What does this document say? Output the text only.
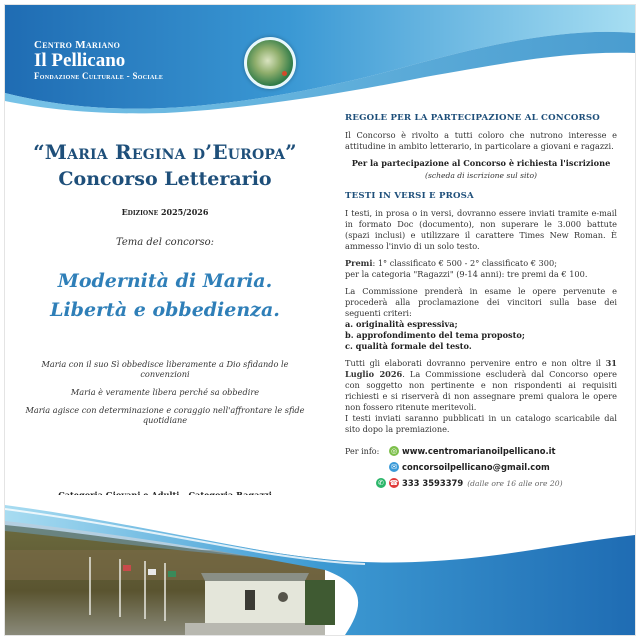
Centro Mariano
Il Pellicano
Fondazione Culturale - Sociale
“Maria Regina d’Europa”
Concorso Letterario
Edizione 2025/2026
Tema del concorso:
Modernità di Maria.
Libertà e obbedienza.

Maria con il suo Sì obbedisce liberamente a Dio sfidando le convenzioni

Maria è veramente libera perché sa obbedire

Maria agisce con determinazione e coraggio nell'affrontare le sfide quotidiane

REGOLE PER LA PARTECIPAZIONE AL CONCORSO

Il Concorso è rivolto a tutti coloro che nutrono interesse e attitudine in ambito letterario, in particolare a giovani e ragazzi.

Per la partecipazione al Concorso è richiesta l'iscrizione
(scheda di iscrizione sul sito)
TESTI IN VERSI E PROSA

I testi, in prosa o in versi, dovranno essere inviati tramite e-mail in formato Doc (documento), non superare le 3.000 battute (spazi inclusi) e utilizzare il carattere Times New Roman. È ammesso l'invio di un solo testo.

Premi: 1° classificato € 500 - 2° classificato € 300;
per la categoria "Ragazzi" (9-14 anni): tre premi da € 100.

La Commissione prenderà in esame le opere pervenute e procederà alla proclamazione dei vincitori sulla base dei seguenti criteri:

a. originalità espressiva;
b. approfondimento del tema proposto;
c. qualità formale del testo.

Tutti gli elaborati dovranno pervenire entro e non oltre il 31 Luglio 2026. La Commissione escluderà dal Concorso opere con soggetto non pertinente e non rispondenti ai requisiti richiesti e si riserverà di non assegnare premi qualora le opere non fossero ritenute meritevoli.

I testi inviati saranno pubblicati in un catalogo scaricabile dal sito dopo la premiazione.

Per info:	◎ www.centromarianoilpellicano.it
✉ concorsoilpellicano@gmail.com
✆ ☎ 333 3593379 (dalle ore 16 alle ore 20)
